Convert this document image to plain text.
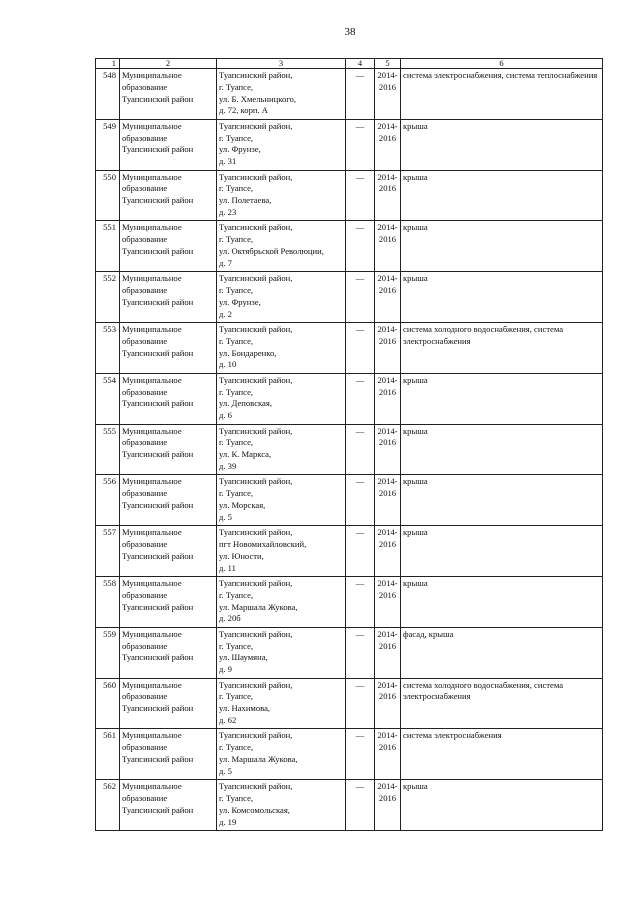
38
1	2	3	4	5	6

548	Муниципальное
образование
Туапсинский район	Туапсинский район,
г. Туапсе,
ул. Б. Хмельницкого,
д. 72, корп. А	—	2014-
2016	система электроснабжения, система теплоснабжения

549	Муниципальное
образование
Туапсинский район	Туапсинский район,
г. Туапсе,
ул. Фрунзе,
д. 31	—	2014-
2016	крыша

550	Муниципальное
образование
Туапсинский район	Туапсинский район,
г. Туапсе,
ул. Полетаева,
д. 23	—	2014-
2016	крыша

551	Муниципальное
образование
Туапсинский район	Туапсинский район,
г. Туапсе,
ул. Октябрьской Революции,
д. 7	—	2014-
2016	крыша

552	Муниципальное
образование
Туапсинский район	Туапсинский район,
г. Туапсе,
ул. Фрунзе,
д. 2	—	2014-
2016	крыша

553	Муниципальное
образование
Туапсинский район	Туапсинский район,
г. Туапсе,
ул. Бондаренко,
д. 10	—	2014-
2016	система холодного водоснабжения, система электроснабжения

554	Муниципальное
образование
Туапсинский район	Туапсинский район,
г. Туапсе,
ул. Деповская,
д. 6	—	2014-
2016	крыша

555	Муниципальное
образование
Туапсинский район	Туапсинский район,
г. Туапсе,
ул. К. Маркса,
д. 39	—	2014-
2016	крыша

556	Муниципальное
образование
Туапсинский район	Туапсинский район,
г. Туапсе,
ул. Морская,
д. 5	—	2014-
2016	крыша

557	Муниципальное
образование
Туапсинский район	Туапсинский район,
пгт Новомихайловский,
ул. Юности,
д. 11	—	2014-
2016	крыша

558	Муниципальное
образование
Туапсинский район	Туапсинский район,
г. Туапсе,
ул. Маршала Жукова,
д. 20б	—	2014-
2016	крыша

559	Муниципальное
образование
Туапсинский район	Туапсинский район,
г. Туапсе,
ул. Шаумяна,
д. 9	—	2014-
2016	фасад, крыша

560	Муниципальное
образование
Туапсинский район	Туапсинский район,
г. Туапсе,
ул. Нахимова,
д. 62	—	2014-
2016	система холодного водоснабжения, система электроснабжения

561	Муниципальное
образование
Туапсинский район	Туапсинский район,
г. Туапсе,
ул. Маршала Жукова,
д. 5	—	2014-
2016	система электроснабжения

562	Муниципальное
образование
Туапсинский район	Туапсинский район,
г. Туапсе,
ул. Комсомольская,
д. 19	—	2014-
2016	крыша
